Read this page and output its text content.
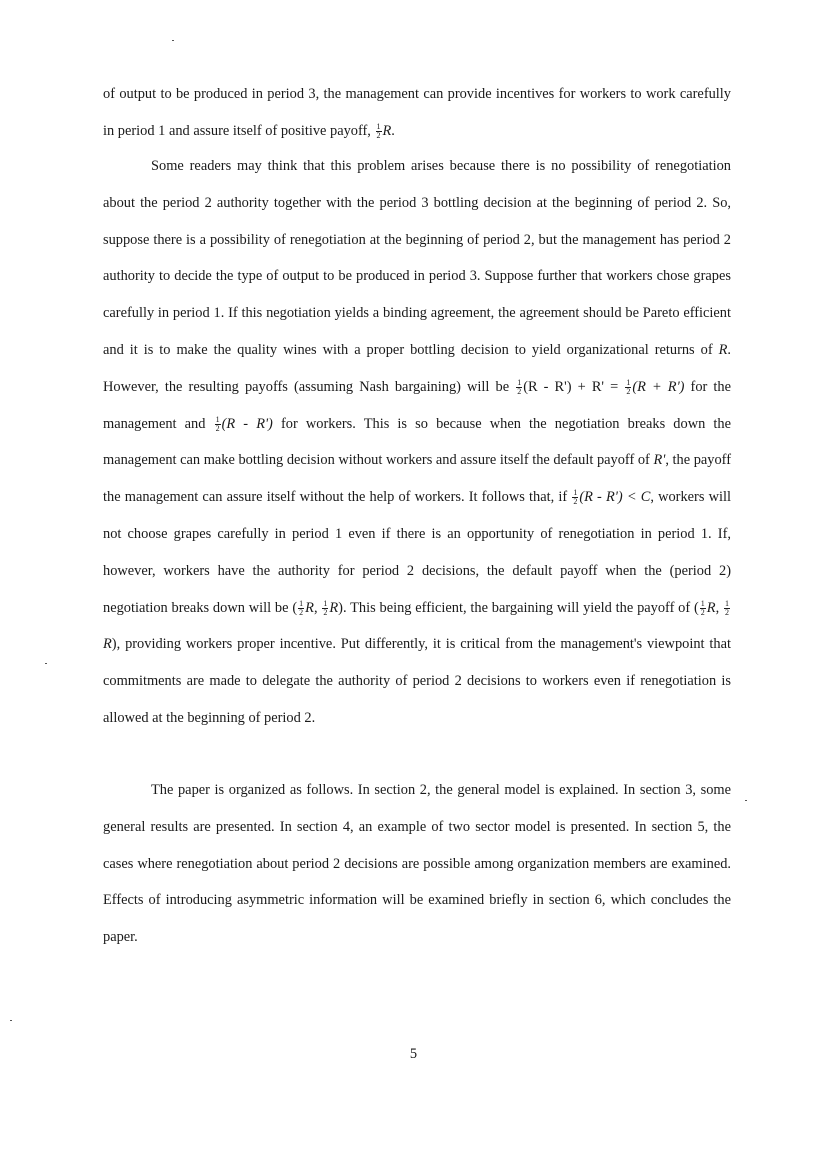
of output to be produced in period 3, the management can provide incentives for workers to work carefully in period 1 and assure itself of positive payoff, $\frac{1}{2} R$.

Some readers may think that this problem arises because there is no possibility of renegotiation about the period 2 authority together with the period 3 bottling decision at the beginning of period 2. So, suppose there is a possibility of renegotiation at the beginning of period 2, but the management has period 2 authority to decide the type of output to be produced in period 3. Suppose further that workers chose grapes carefully in period 1. If this negotiation yields a binding agreement, the agreement should be Pareto efficient and it is to make the quality wines with a proper bottling decision to yield organizational returns of R. However, the resulting payoffs (assuming Nash bargaining) will be $\frac{1}{2} (R - R') + R' = \frac{1}{2} (R + R')$ for the management and $\frac{1}{2} (R - R')$ for workers. This is so because when the negotiation breaks down the management can make bottling decision without workers and assure itself the default payoff of R', the payoff the management can assure itself without the help of workers. It follows that, if $\frac{1}{2} (R - R') < C$, workers will not choose grapes carefully in period 1 even if there is an opportunity of renegotiation in period 1. If, however, workers have the authority for period 2 decisions, the default payoff when the (period 2) negotiation breaks down will be ( $\frac{1}{2} R$, $\frac{1}{2} R$). This being efficient, the bargaining will yield the payoff of ( $\frac{1}{2} R$, $\frac{1}{2}$
R), providing workers proper incentive. Put differently, it is critical from the management's viewpoint that commitments are made to delegate the authority of period 2 decisions to workers even if renegotiation is allowed at the beginning of period 2.

The paper is organized as follows. In section 2, the general model is explained. In section 3, some general results are presented. In section 4, an example of two sector model is presented. In section 5, the cases where renegotiation about period 2 decisions are possible among organization members are examined. Effects of introducing asymmetric information will be examined briefly in section 6, which concludes the paper.

5
